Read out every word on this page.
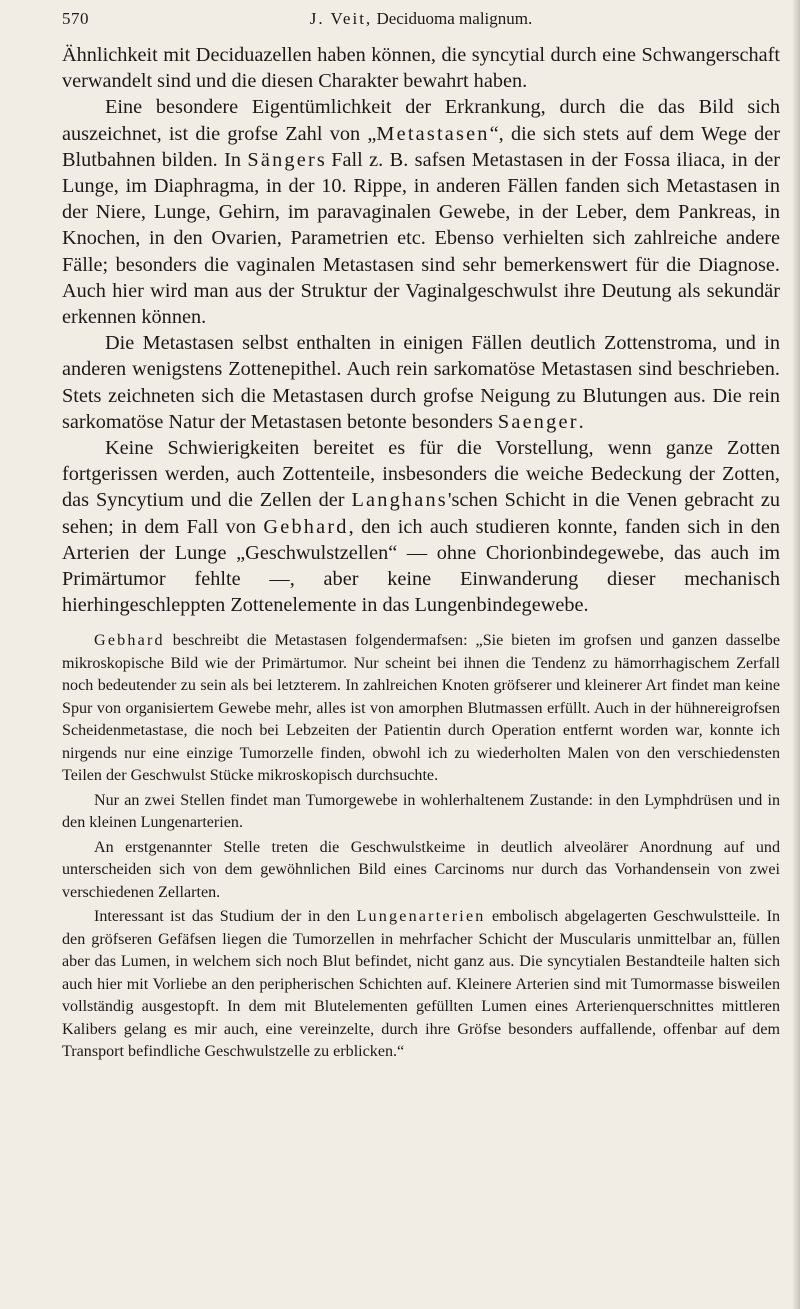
570	J. Veit, Deciduoma malignum.

Ähnlichkeit mit Deciduazellen haben können, die syncytial durch eine Schwangerschaft verwandelt sind und die diesen Charakter bewahrt haben.

Eine besondere Eigentümlichkeit der Erkrankung, durch die das Bild sich auszeichnet, ist die grofse Zahl von „Metastasen“, die sich stets auf dem Wege der Blutbahnen bilden. In Sängers Fall z. B. safsen Metastasen in der Fossa iliaca, in der Lunge, im Diaphragma, in der 10. Rippe, in anderen Fällen fanden sich Metastasen in der Niere, Lunge, Gehirn, im paravaginalen Gewebe, in der Leber, dem Pankreas, in Knochen, in den Ovarien, Parametrien etc. Ebenso verhielten sich zahlreiche andere Fälle; besonders die vaginalen Metastasen sind sehr bemerkenswert für die Diagnose. Auch hier wird man aus der Struktur der Vaginalgeschwulst ihre Deutung als sekundär erkennen können.

Die Metastasen selbst enthalten in einigen Fällen deutlich Zottenstroma, und in anderen wenigstens Zottenepithel. Auch rein sarkomatöse Metastasen sind beschrieben. Stets zeichneten sich die Metastasen durch grofse Neigung zu Blutungen aus. Die rein sarkomatöse Natur der Metastasen betonte besonders Saenger.

Keine Schwierigkeiten bereitet es für die Vorstellung, wenn ganze Zotten fortgerissen werden, auch Zottenteile, insbesonders die weiche Bedeckung der Zotten, das Syncytium und die Zellen der Langhans'schen Schicht in die Venen gebracht zu sehen; in dem Fall von Gebhard, den ich auch studieren konnte, fanden sich in den Arterien der Lunge „Geschwulstzellen“ — ohne Chorionbindegewebe, das auch im Primärtumor fehlte —, aber keine Einwanderung dieser mechanisch hierhingeschleppten Zottenelemente in das Lungenbindegewebe.

Gebhard beschreibt die Metastasen folgendermafsen: „Sie bieten im grofsen und ganzen dasselbe mikroskopische Bild wie der Primärtumor. Nur scheint bei ihnen die Tendenz zu hämorrhagischem Zerfall noch bedeutender zu sein als bei letzterem. In zahlreichen Knoten gröfserer und kleinerer Art findet man keine Spur von organisiertem Gewebe mehr, alles ist von amorphen Blutmassen erfüllt. Auch in der hühnereigrofsen Scheidenmetastase, die noch bei Lebzeiten der Patientin durch Operation entfernt worden war, konnte ich nirgends nur eine einzige Tumorzelle finden, obwohl ich zu wiederholten Malen von den verschiedensten Teilen der Geschwulst Stücke mikroskopisch durchsuchte.

Nur an zwei Stellen findet man Tumorgewebe in wohlerhaltenem Zustande: in den Lymphdrüsen und in den kleinen Lungenarterien.

An erstgenannter Stelle treten die Geschwulstkeime in deutlich alveolärer Anordnung auf und unterscheiden sich von dem gewöhnlichen Bild eines Carcinoms nur durch das Vorhandensein von zwei verschiedenen Zellarten.

Interessant ist das Studium der in den Lungenarterien embolisch abgelagerten Geschwulstteile. In den gröfseren Gefäfsen liegen die Tumorzellen in mehrfacher Schicht der Muscularis unmittelbar an, füllen aber das Lumen, in welchem sich noch Blut befindet, nicht ganz aus. Die syncytialen Bestandteile halten sich auch hier mit Vorliebe an den peripherischen Schichten auf. Kleinere Arterien sind mit Tumormasse bisweilen vollständig ausgestopft. In dem mit Blutelementen gefüllten Lumen eines Arterienquerschnittes mittleren Kalibers gelang es mir auch, eine vereinzelte, durch ihre Gröfse besonders auffallende, offenbar auf dem Transport befindliche Geschwulstzelle zu erblicken.“
